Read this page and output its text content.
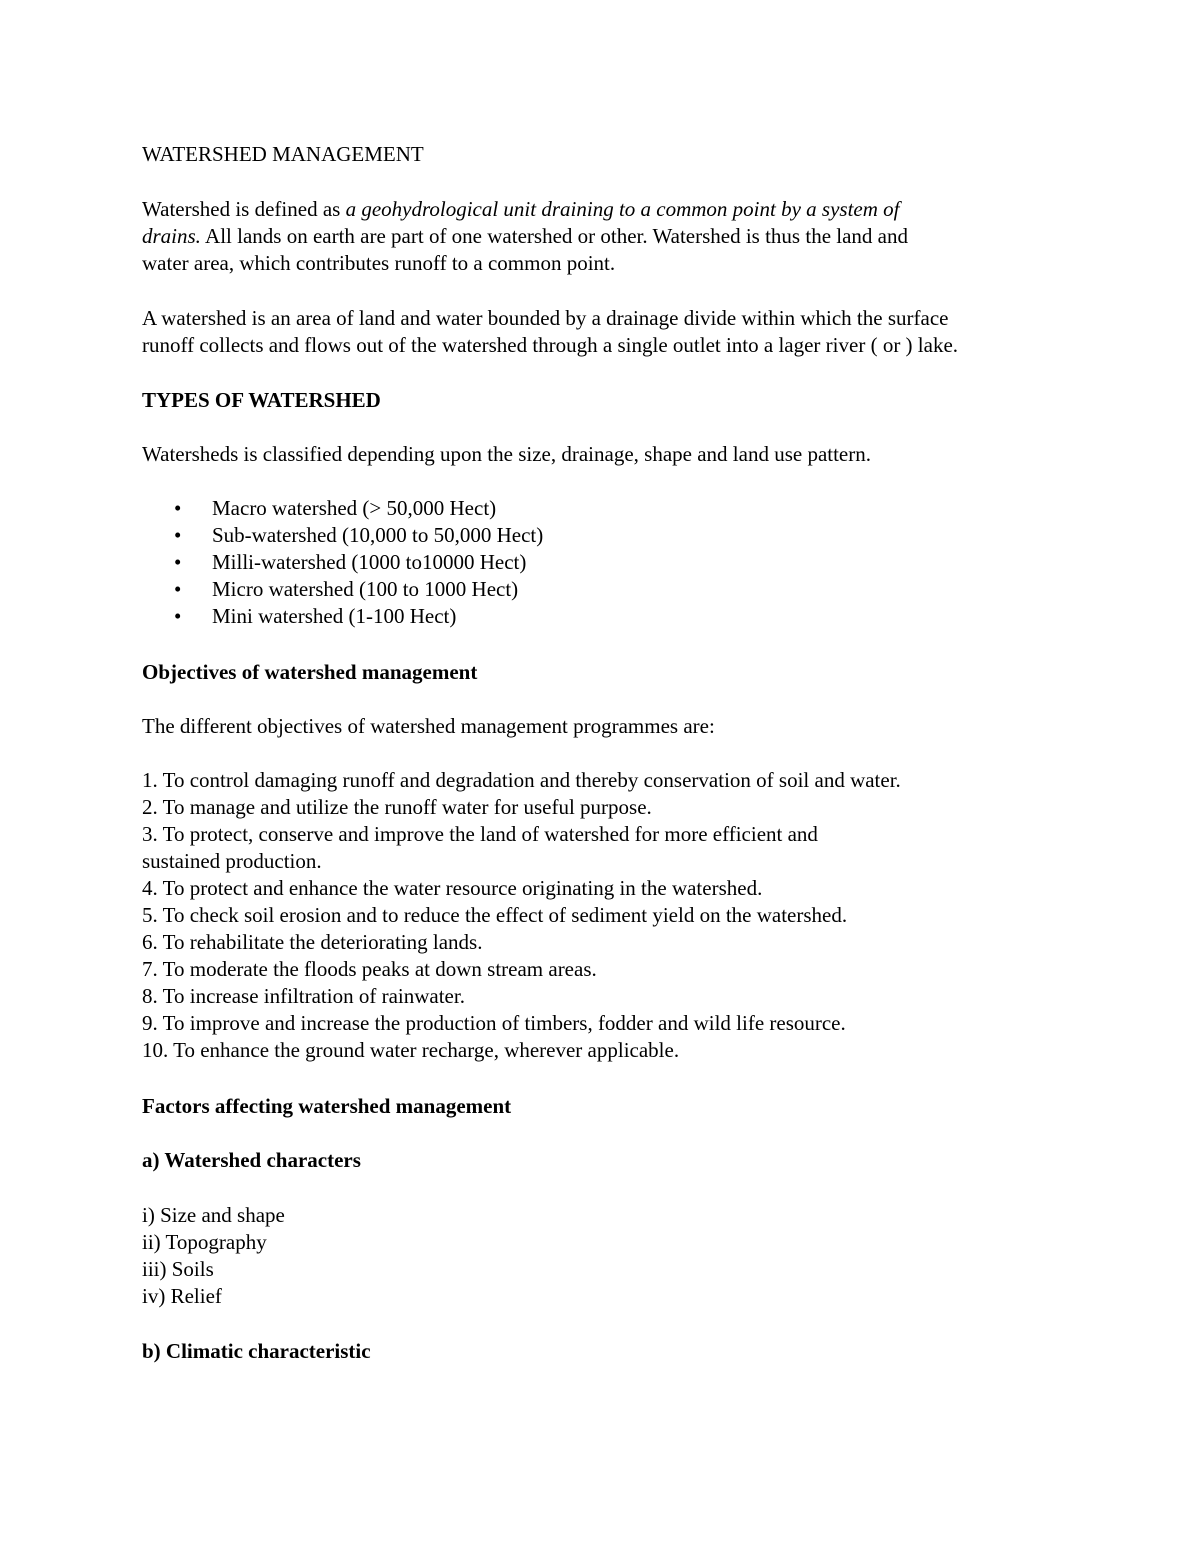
WATERSHED MANAGEMENT
Watershed is defined as a geohydrological unit draining to a common point by a system of
drains. All lands on earth are part of one watershed or other. Watershed is thus the land and
water area, which contributes runoff to a common point.
A watershed is an area of land and water bounded by a drainage divide within which the surface
runoff collects and flows out of the watershed through a single outlet into a lager river ( or ) lake.
TYPES OF WATERSHED
Watersheds is classified depending upon the size, drainage, shape and land use pattern.
• Macro watershed (> 50,000 Hect)
• Sub-watershed (10,000 to 50,000 Hect)
• Milli-watershed (1000 to10000 Hect)
• Micro watershed (100 to 1000 Hect)
• Mini watershed (1-100 Hect)
Objectives of watershed management
The different objectives of watershed management programmes are:
1. To control damaging runoff and degradation and thereby conservation of soil and water.
2. To manage and utilize the runoff water for useful purpose.
3. To protect, conserve and improve the land of watershed for more efficient and
sustained production.
4. To protect and enhance the water resource originating in the watershed.
5. To check soil erosion and to reduce the effect of sediment yield on the watershed.
6. To rehabilitate the deteriorating lands.
7. To moderate the floods peaks at down stream areas.
8. To increase infiltration of rainwater.
9. To improve and increase the production of timbers, fodder and wild life resource.
10. To enhance the ground water recharge, wherever applicable.
Factors affecting watershed management
a) Watershed characters
i) Size and shape
ii) Topography
iii) Soils
iv) Relief
b) Climatic characteristic
